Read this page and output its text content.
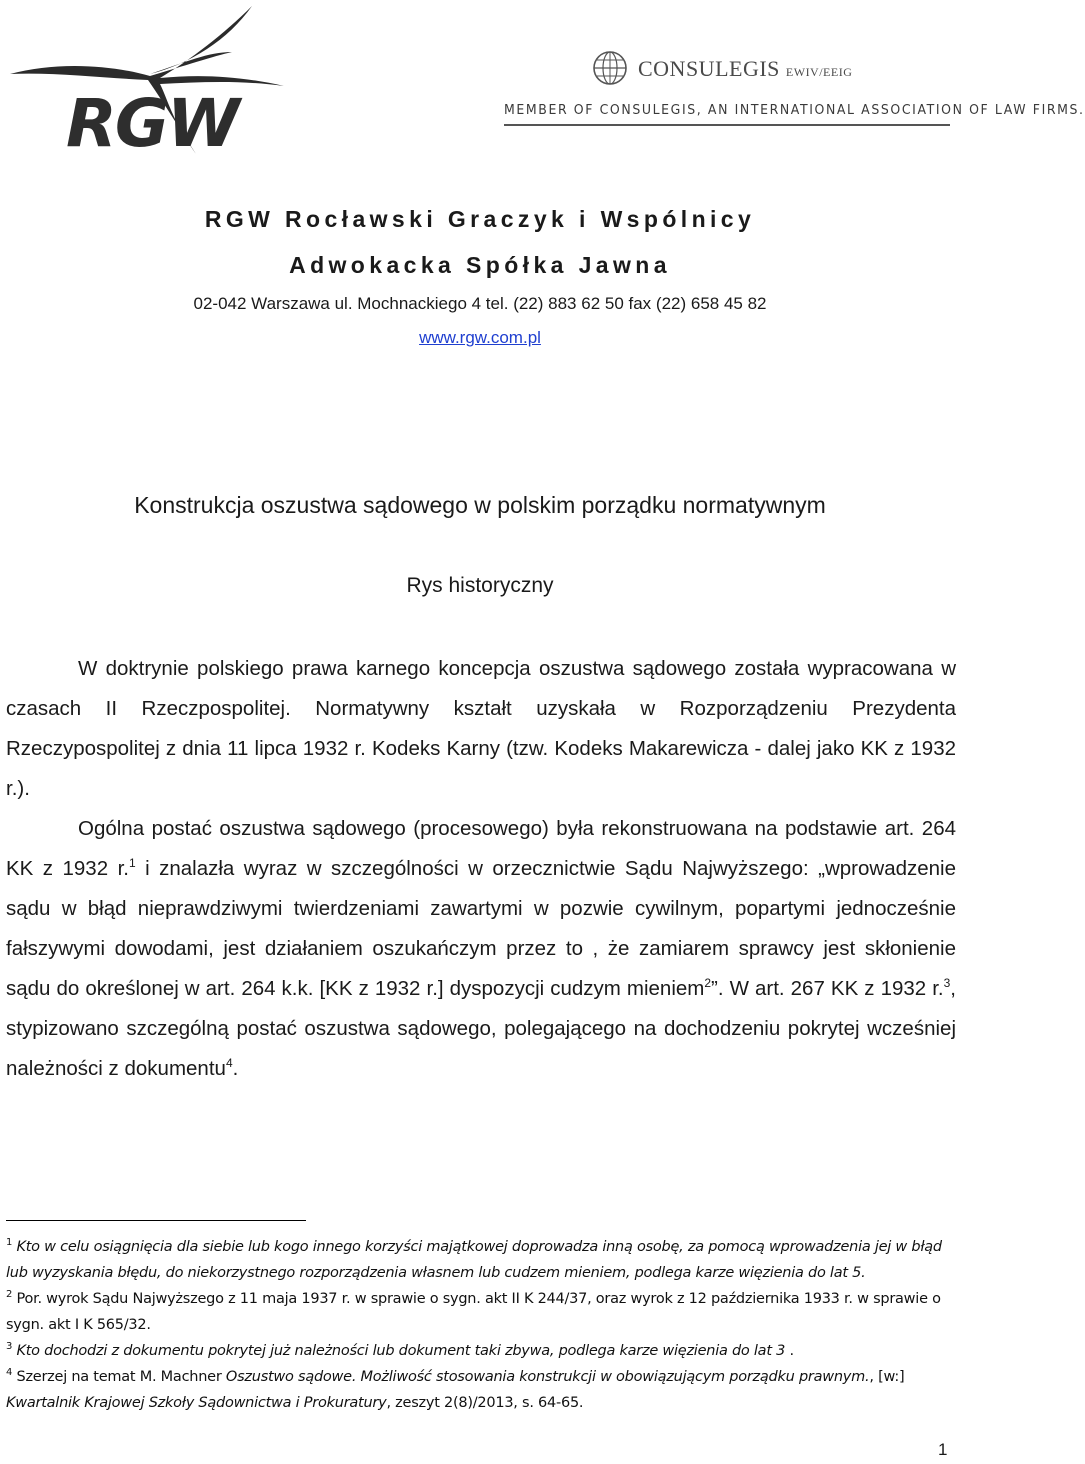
RGW
CONSULEGIS EWIV/EEIG
MEMBER OF CONSULEGIS, AN INTERNATIONAL ASSOCIATION OF LAW FIRMS.
RGW Rocławski Graczyk i Wspólnicy
Adwokacka Spółka Jawna
02-042 Warszawa ul. Mochnackiego 4 tel. (22) 883 62 50 fax (22) 658 45 82
www.rgw.com.pl
Konstrukcja oszustwa sądowego w polskim porządku normatywnym
Rys historyczny

W doktrynie polskiego prawa karnego koncepcja oszustwa sądowego została wypracowana w czasach II Rzeczpospolitej. Normatywny kształt uzyskała w Rozporządzeniu Prezydenta Rzeczypospolitej z dnia 11 lipca 1932 r. Kodeks Karny (tzw. Kodeks Makarewicza - dalej jako KK z 1932 r.).

Ogólna postać oszustwa sądowego (procesowego) była rekonstruowana na podstawie art. 264 KK z 1932 r.$^1$ i znalazła wyraz w szczególności w orzecznictwie Sądu Najwyższego: „wprowadzenie sądu w błąd nieprawdziwymi twierdzeniami zawartymi w pozwie cywilnym, popartymi jednocześnie fałszywymi dowodami, jest działaniem oszukańczym przez to , że zamiarem sprawcy jest skłonienie sądu do określonej w art. 264 k.k. [KK z 1932 r.] dyspozycji cudzym mieniem$^2$”. W art. 267 KK z 1932 r.$^3$, stypizowano szczególną postać oszustwa sądowego, polegającego na dochodzeniu pokrytej wcześniej należności z dokumentu$^4$.

$^1$ Kto w celu osiągnięcia dla siebie lub kogo innego korzyści majątkowej doprowadza inną osobę, za pomocą wprowadzenia jej w błąd lub wyzyskania błędu, do niekorzystnego rozporządzenia własnem lub cudzem mieniem, podlega karze więzienia do lat 5.

$^2$ Por. wyrok Sądu Najwyższego z 11 maja 1937 r. w sprawie o sygn. akt II K 244/37, oraz wyrok z 12 października 1933 r. w sprawie o sygn. akt I K 565/32.

$^3$ Kto dochodzi z dokumentu pokrytej już należności lub dokument taki zbywa, podlega karze więzienia do lat 3 .

$^4$ Szerzej na temat M. Machner Oszustwo sądowe. Możliwość stosowania konstrukcji w obowiązującym porządku prawnym., [w:] Kwartalnik Krajowej Szkoły Sądownictwa i Prokuratury, zeszyt 2(8)/2013, s. 64-65.

1
